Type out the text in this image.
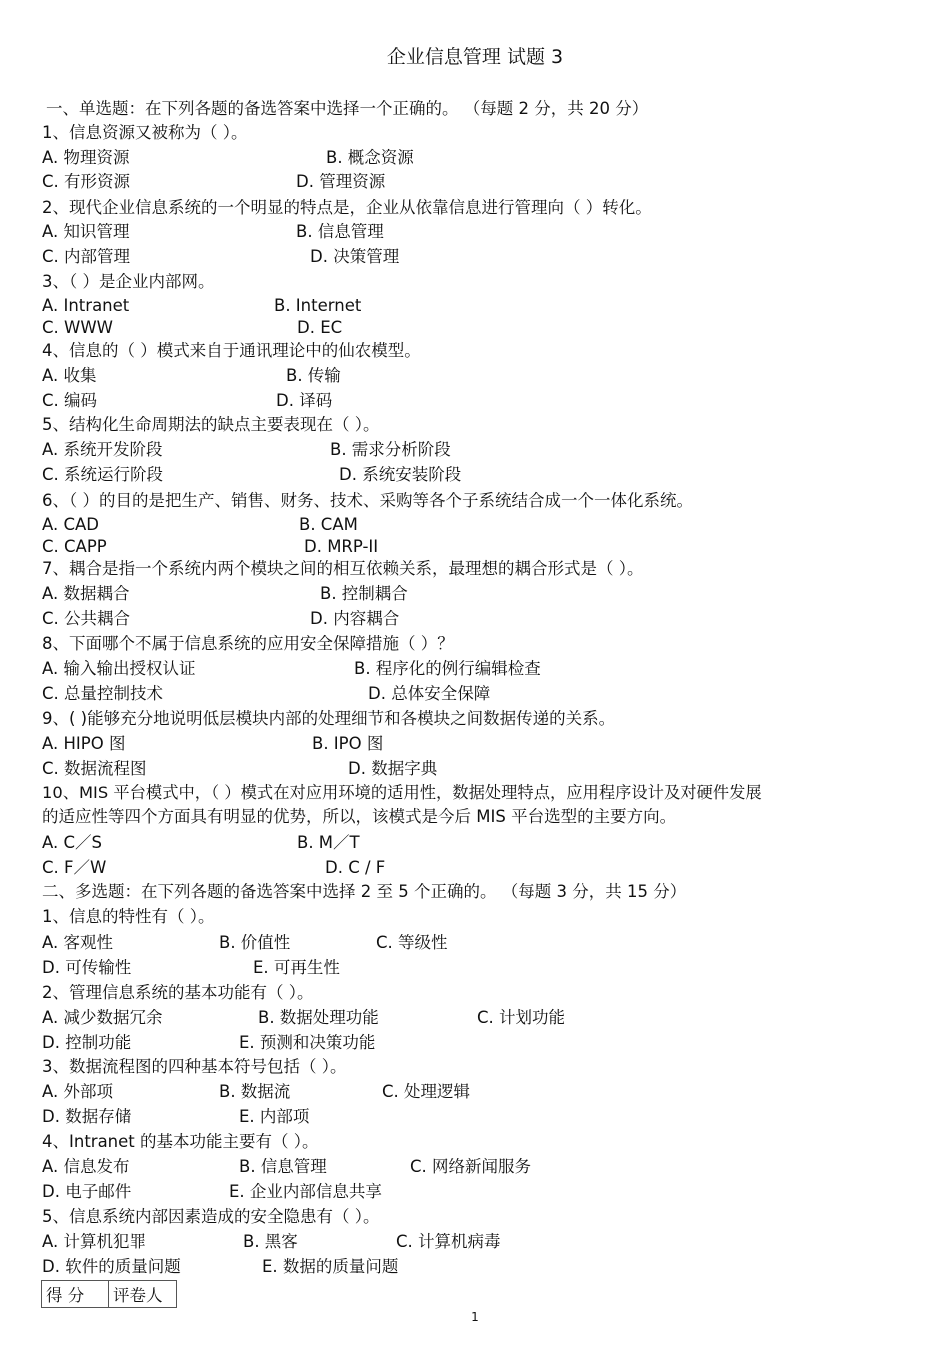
企业信息管理 试题 3
一、单选题：在下列各题的备选答案中选择一个正确的。 （每题 2 分，共 20 分）
1、信息资源又被称为（ ）。
A. 物理资源	B. 概念资源
C. 有形资源	D. 管理资源
2、现代企业信息系统的一个明显的特点是，企业从依靠信息进行管理向（ ）转化。
A. 知识管理	B. 信息管理
C. 内部管理	D. 决策管理
3、（ ）是企业内部网。
A. Intranet	B. Internet
C. WWW	D. EC
4、信息的（ ）模式来自于通讯理论中的仙农模型。
A. 收集	B. 传输
C. 编码	D. 译码
5、结构化生命周期法的缺点主要表现在（ ）。
A. 系统开发阶段	B. 需求分析阶段
C. 系统运行阶段	D. 系统安装阶段
6、（ ）的目的是把生产、销售、财务、技术、采购等各个子系统结合成一个一体化系统。
A. CAD	B. CAM
C. CAPP	D. MRP-II
7、耦合是指一个系统内两个模块之间的相互依赖关系，最理想的耦合形式是（ ）。
A. 数据耦合	B. 控制耦合
C. 公共耦合	D. 内容耦合
8、下面哪个不属于信息系统的应用安全保障措施（ ）？
A. 输入输出授权认证	B. 程序化的例行编辑检查
C. 总量控制技术	D. 总体安全保障
9、( )能够充分地说明低层模块内部的处理细节和各模块之间数据传递的关系。
A. HIPO 图	B. IPO 图
C. 数据流程图	D. 数据字典
10、MIS 平台模式中，（ ）模式在对应用环境的适用性，数据处理特点，应用程序设计及对硬件发展
的适应性等四个方面具有明显的优势，所以，该模式是今后 MIS 平台选型的主要方向。
A. C／S	B. M／T
C. F／W	D. C / F
二、多选题：在下列各题的备选答案中选择 2 至 5 个正确的。 （每题 3 分，共 15 分）
1、信息的特性有（ ）。
A. 客观性	B. 价值性	C. 等级性
D. 可传输性	E. 可再生性
2、管理信息系统的基本功能有（ ）。
A. 减少数据冗余	B. 数据处理功能	C. 计划功能
D. 控制功能	E. 预测和决策功能
3、数据流程图的四种基本符号包括（ ）。
A. 外部项	B. 数据流	C. 处理逻辑
D. 数据存储	E. 内部项
4、Intranet 的基本功能主要有（ ）。
A. 信息发布	B. 信息管理	C. 网络新闻服务
D. 电子邮件	E. 企业内部信息共享
5、信息系统内部因素造成的安全隐患有（ ）。
A. 计算机犯罪	B. 黑客	C. 计算机病毒
D. 软件的质量问题	E. 数据的质量问题
得 分	评卷人
1
